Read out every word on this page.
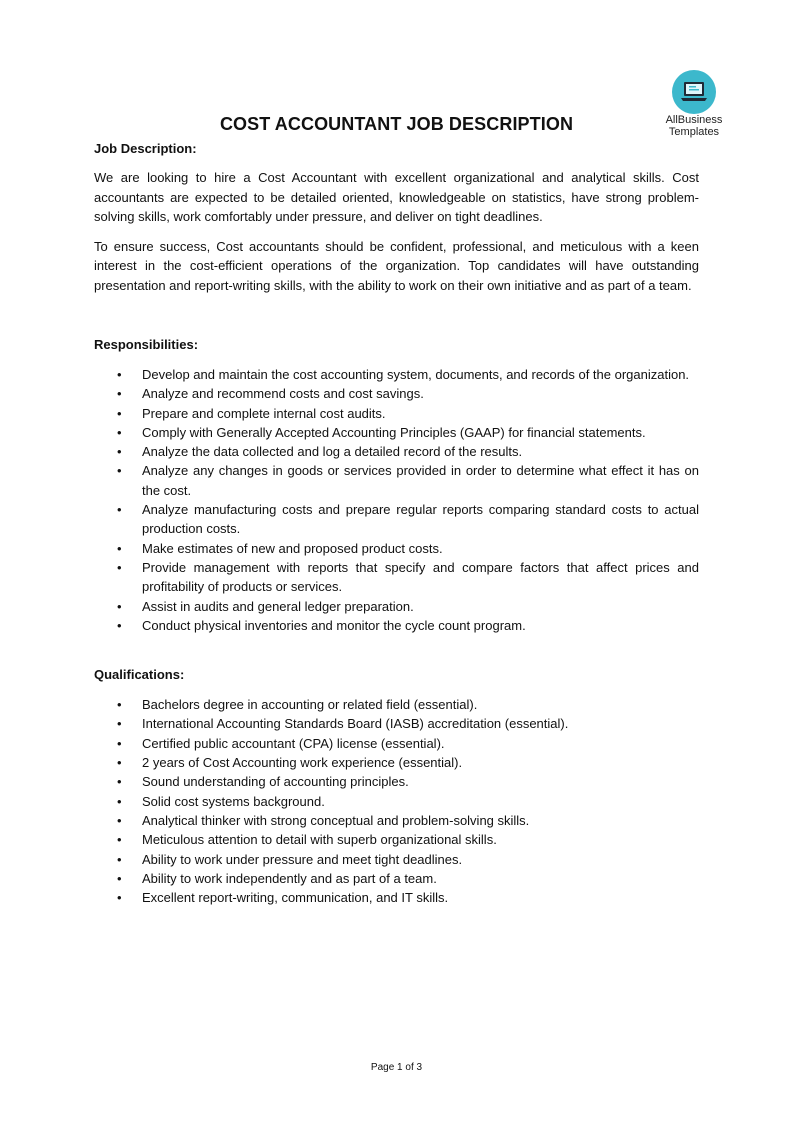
AllBusiness
Templates
COST ACCOUNTANT JOB DESCRIPTION
Job Description:

We are looking to hire a Cost Accountant with excellent organizational and analytical skills. Cost accountants are expected to be detailed oriented, knowledgeable on statistics, have strong problem-solving skills, work comfortably under pressure, and deliver on tight deadlines.

To ensure success, Cost accountants should be confident, professional, and meticulous with a keen interest in the cost-efficient operations of the organization. Top candidates will have outstanding presentation and report-writing skills, with the ability to work on their own initiative and as part of a team.

Responsibilities:
• Develop and maintain the cost accounting system, documents, and records of the organization.
• Analyze and recommend costs and cost savings.
• Prepare and complete internal cost audits.
• Comply with Generally Accepted Accounting Principles (GAAP) for financial statements.
• Analyze the data collected and log a detailed record of the results.
• Analyze any changes in goods or services provided in order to determine what effect it has on the cost.
• Analyze manufacturing costs and prepare regular reports comparing standard costs to actual production costs.
• Make estimates of new and proposed product costs.
• Provide management with reports that specify and compare factors that affect prices and profitability of products or services.
• Assist in audits and general ledger preparation.
• Conduct physical inventories and monitor the cycle count program.
Qualifications:
• Bachelors degree in accounting or related field (essential).
• International Accounting Standards Board (IASB) accreditation (essential).
• Certified public accountant (CPA) license (essential).
• 2 years of Cost Accounting work experience (essential).
• Sound understanding of accounting principles.
• Solid cost systems background.
• Analytical thinker with strong conceptual and problem-solving skills.
• Meticulous attention to detail with superb organizational skills.
• Ability to work under pressure and meet tight deadlines.
• Ability to work independently and as part of a team.
• Excellent report-writing, communication, and IT skills.
Page 1 of 3
